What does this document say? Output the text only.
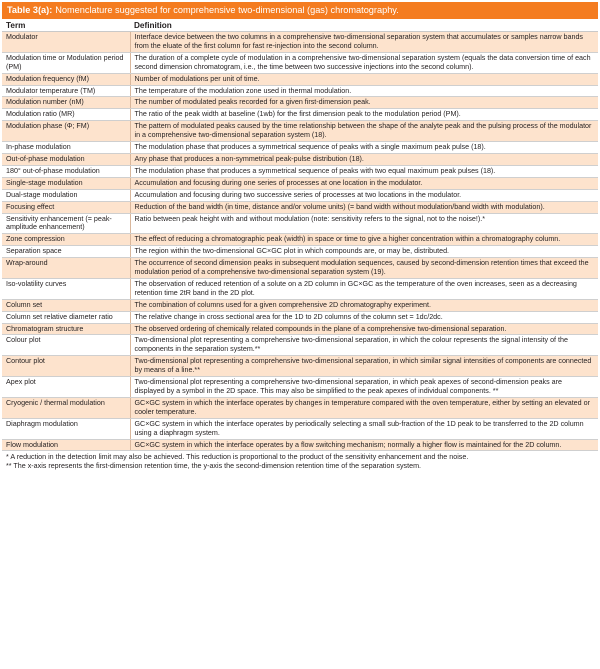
Table 3(a): Nomenclature suggested for comprehensive two-dimensional (gas) chromatography.
Term	Definition
Modulator	Interface device between the two columns in a comprehensive two-dimensional separation system that accumulates or samples narrow bands from the eluate of the first column for fast re-injection into the second column.
Modulation time or Modulation period (PM)	The duration of a complete cycle of modulation in a comprehensive two-dimensional separation system (equals the data conversion time of each second dimension chromatogram, i.e., the time between two successive injections into the second column).
Modulation frequency (fM)	Number of modulations per unit of time.
Modulator temperature (TM)	The temperature of the modulation zone used in thermal modulation.
Modulation number (nM)	The number of modulated peaks recorded for a given first-dimension peak.
Modulation ratio (MR)	The ratio of the peak width at baseline (1wb) for the first dimension peak to the modulation period (PM).
Modulation phase (Φ; FM)	The pattern of modulated peaks caused by the time relationship between the shape of the analyte peak and the pulsing process of the modulator in a comprehensive two-dimensional separation system (18).
In-phase modulation	The modulation phase that produces a symmetrical sequence of peaks with a single maximum peak pulse (18).
Out-of-phase modulation	Any phase that produces a non-symmetrical peak-pulse distribution (18).
180° out-of-phase modulation	The modulation phase that produces a symmetrical sequence of peaks with two equal maximum peak pulses (18).
Single-stage modulation	Accumulation and focusing during one series of processes at one location in the modulator.
Dual-stage modulation	Accumulation and focusing during two successive series of processes at two locations in the modulator.
Focusing effect	Reduction of the band width (in time, distance and/or volume units) (= band width without modulation/band width with modulation).
Sensitivity enhancement (= peak-amplitude enhancement)	Ratio between peak height with and without modulation (note: sensitivity refers to the signal, not to the noise!).*
Zone compression	The effect of reducing a chromatographic peak (width) in space or time to give a higher concentration within a chromatography column.
Separation space	The region within the two-dimensional GC×GC plot in which compounds are, or may be, distributed.
Wrap-around	The occurrence of second dimension peaks in subsequent modulation sequences, caused by second-dimension retention times that exceed the modulation period of a comprehensive two-dimensional separation system (19).
Iso-volatility curves	The observation of reduced retention of a solute on a 2D column in GC×GC as the temperature of the oven increases, seen as a decreasing retention time 2tR band in the 2D plot.
Column set	The combination of columns used for a given comprehensive 2D chromatography experiment.
Column set relative diameter ratio	The relative change in cross sectional area for the 1D to 2D columns of the column set = 1dc/2dc.
Chromatogram structure	The observed ordering of chemically related compounds in the plane of a comprehensive two-dimensional separation.
Colour plot	Two-dimensional plot representing a comprehensive two-dimensional separation, in which the colour represents the signal intensity of the components in the separation system.**
Contour plot	Two-dimensional plot representing a comprehensive two-dimensional separation, in which similar signal intensities of components are connected by means of a line.**
Apex plot	Two-dimensional plot representing a comprehensive two-dimensional separation, in which peak apexes of second-dimension peaks are displayed by a symbol in the 2D space. This may also be simplified to the peak apexes of individual components. **
Cryogenic / thermal modulation	GC×GC system in which the interface operates by changes in temperature compared with the oven temperature, either by setting an elevated or cooler temperature.
Diaphragm modulation	GC×GC system in which the interface operates by periodically selecting a small sub-fraction of the 1D peak to be transferred to the 2D column using a diaphragm system.
Flow modulation	GC×GC system in which the interface operates by a flow switching mechanism; normally a higher flow is maintained for the 2D column.
* A reduction in the detection limit may also be achieved. This reduction is proportional to the product of the sensitivity enhancement and the noise.
** The x-axis represents the first-dimension retention time, the y-axis the second-dimension retention time of the separation system.
